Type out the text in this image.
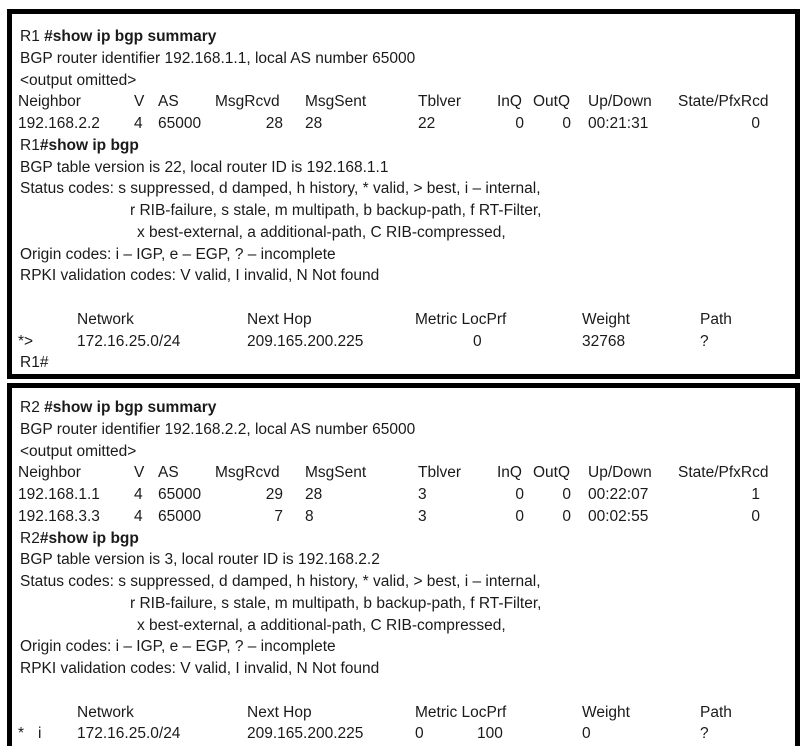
R1 #show ip bgp summary
BGP router identifier 192.168.1.1, local AS number 65000
<output omitted>
Neighbor	V AS MsgRcvd MsgSent	Tblver InQ OutQ Up/Down State/PfxRcd
192.168.2.2 4 65000	28 28	22	0	0 00:21:31	0
R1#show ip bgp
BGP table version is 22, local router ID is 192.168.1.1
Status codes: s suppressed, d damped, h history, * valid, > best, i – internal,
r RIB-failure, s stale, m multipath, b backup-path, f RT-Filter,
x best-external, a additional-path, C RIB-compressed,
Origin codes: i – IGP, e – EGP, ? – incomplete
RPKI validation codes: V valid, I invalid, N Not found
Network	Next Hop	Metric LocPrf	Weight	Path
*>	172.16.25.0/24	209.165.200.225	0	32768	?
R1#
R2 #show ip bgp summary
BGP router identifier 192.168.2.2, local AS number 65000
<output omitted>
Neighbor	V AS MsgRcvd MsgSent	Tblver InQ OutQ Up/Down State/PfxRcd
192.168.1.1 4 65000	29 28	3	0	0 00:22:07	1
192.168.3.3 4 65000	7 8	3	0	0 00:02:55	0
R2#show ip bgp
BGP table version is 3, local router ID is 192.168.2.2
Status codes: s suppressed, d damped, h history, * valid, > best, i – internal,
r RIB-failure, s stale, m multipath, b backup-path, f RT-Filter,
x best-external, a additional-path, C RIB-compressed,
Origin codes: i – IGP, e – EGP, ? – incomplete
RPKI validation codes: V valid, I invalid, N Not found
Network	Next Hop	Metric LocPrf	Weight	Path
* i 172.16.25.0/24	209.165.200.225	0	100	0	?
